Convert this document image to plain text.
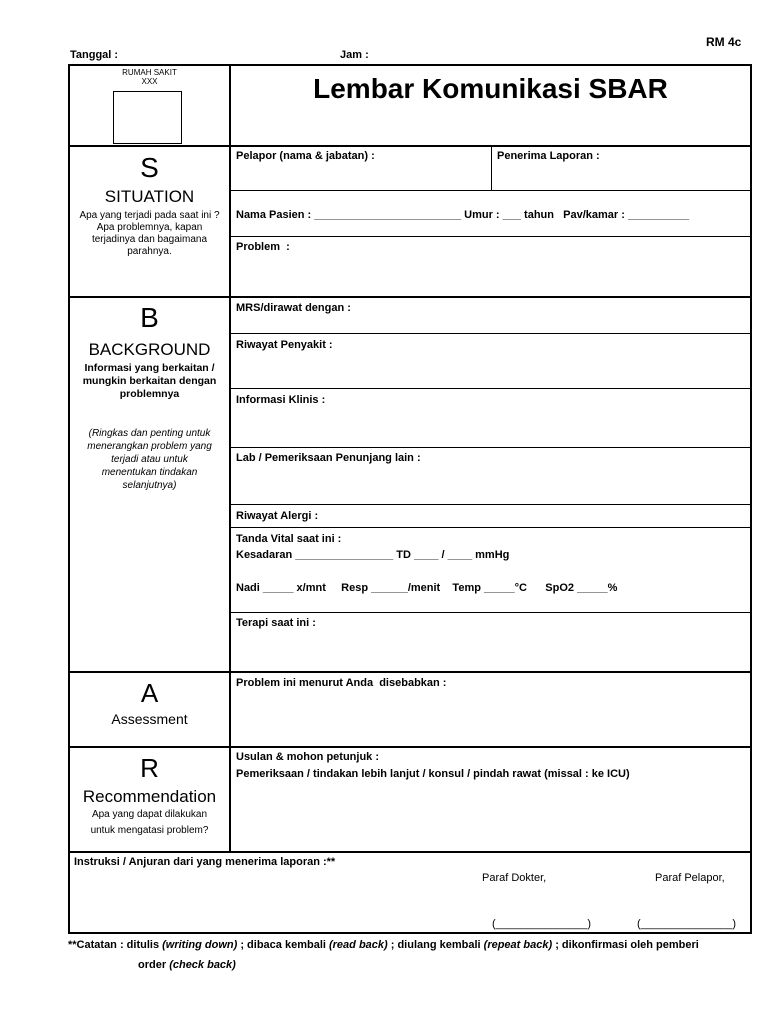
RM 4c
Tanggal :	Jam :
RUMAH SAKIT
XXX	Lembar Komunikasi SBAR
S
SITUATION
Apa yang terjadi pada saat ini ?
Apa problemnya, kapan
terjadinya dan bagaimana
parahnya.
Pelapor (nama & jabatan) :	Penerima Laporan :
Nama Pasien : ________________________ Umur : ___ tahun   Pav/kamar : __________
Problem  :
B
BACKGROUND
Informasi yang berkaitan /
mungkin berkaitan dengan
problemnya
(Ringkas dan penting untuk
menerangkan problem yang
terjadi atau untuk
menentukan tindakan
selanjutnya)
MRS/dirawat dengan :
Riwayat Penyakit :
Informasi Klinis :
Lab / Pemeriksaan Penunjang lain :
Riwayat Alergi :
Tanda Vital saat ini :
Kesadaran ________________ TD ____ / ____ mmHg
Nadi _____ x/mnt     Resp ______/menit    Temp _____°C      SpO2 _____%
Terapi saat ini :
A
Assessment
Problem ini menurut Anda  disebabkan :
R
Recommendation
Apa yang dapat dilakukan
untuk mengatasi problem?
Usulan & mohon petunjuk :
Pemeriksaan / tindakan lebih lanjut / konsul / pindah rawat (missal : ke ICU)
Instruksi / Anjuran dari yang menerima laporan :**
Paraf Dokter,	Paraf Pelapor,
(_______________)	(_______________)
**Catatan : ditulis (writing down) ; dibaca kembali (read back) ; diulang kembali (repeat back) ; dikonfirmasi oleh pemberi
order (check back)
